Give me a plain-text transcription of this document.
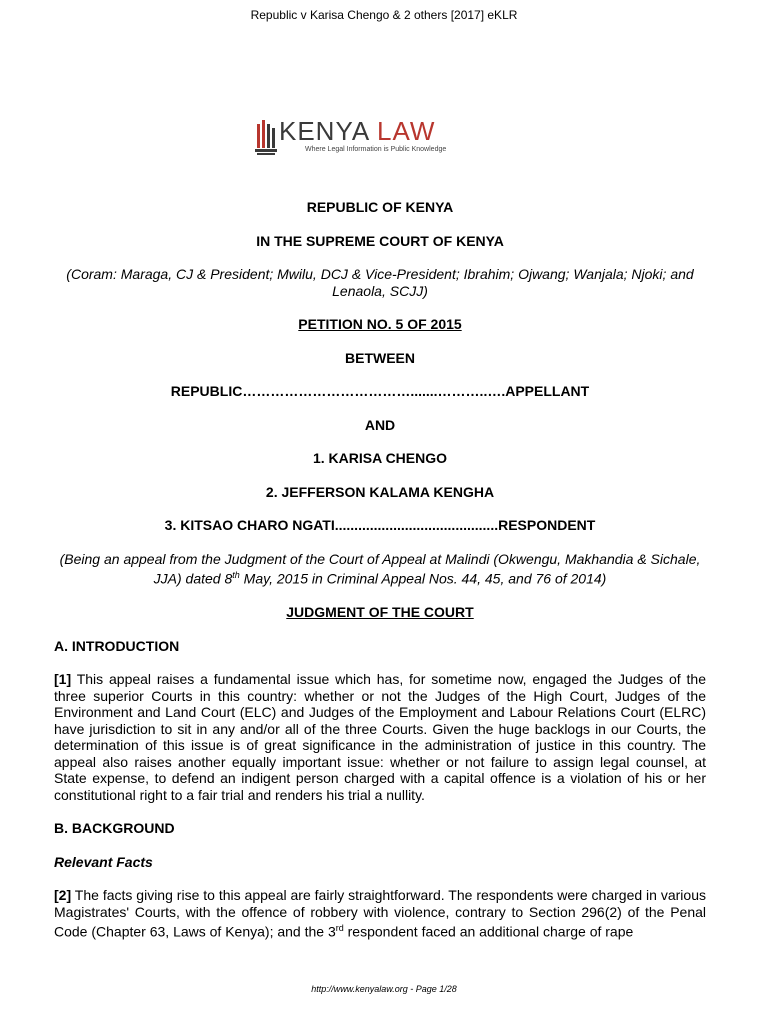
Republic v Karisa Chengo & 2 others [2017] eKLR
KENYA LAW
Where Legal Information is Public Knowledge

REPUBLIC OF KENYA

IN THE SUPREME COURT OF KENYA

(Coram: Maraga, CJ & President; Mwilu, DCJ & Vice-President; Ibrahim; Ojwang; Wanjala; Njoki; and Lenaola, SCJJ)

PETITION NO. 5 OF 2015

BETWEEN

REPUBLIC……………………………….......………..….APPELLANT

AND

1. KARISA CHENGO

2. JEFFERSON KALAMA KENGHA

3. KITSAO CHARO NGATI..........................................RESPONDENT

(Being an appeal from the Judgment of the Court of Appeal at Malindi (Okwengu, Makhandia & Sichale, JJA) dated 8th May, 2015 in Criminal Appeal Nos. 44, 45, and 76 of 2014)

JUDGMENT OF THE COURT

A. INTRODUCTION

[1] This appeal raises a fundamental issue which has, for sometime now, engaged the Judges of the three superior Courts in this country: whether or not the Judges of the High Court, Judges of the Environment and Land Court (ELC) and Judges of the Employment and Labour Relations Court (ELRC) have jurisdiction to sit in any and/or all of the three Courts. Given the huge backlogs in our Courts, the determination of this issue is of great significance in the administration of justice in this country. The appeal also raises another equally important issue: whether or not failure to assign legal counsel, at State expense, to defend an indigent person charged with a capital offence is a violation of his or her constitutional right to a fair trial and renders his trial a nullity.

B. BACKGROUND

Relevant Facts

[2] The facts giving rise to this appeal are fairly straightforward. The respondents were charged in various Magistrates' Courts, with the offence of robbery with violence, contrary to Section 296(2) of the Penal Code (Chapter 63, Laws of Kenya); and the 3rd respondent faced an additional charge of rape

http://www.kenyalaw.org - Page 1/28
